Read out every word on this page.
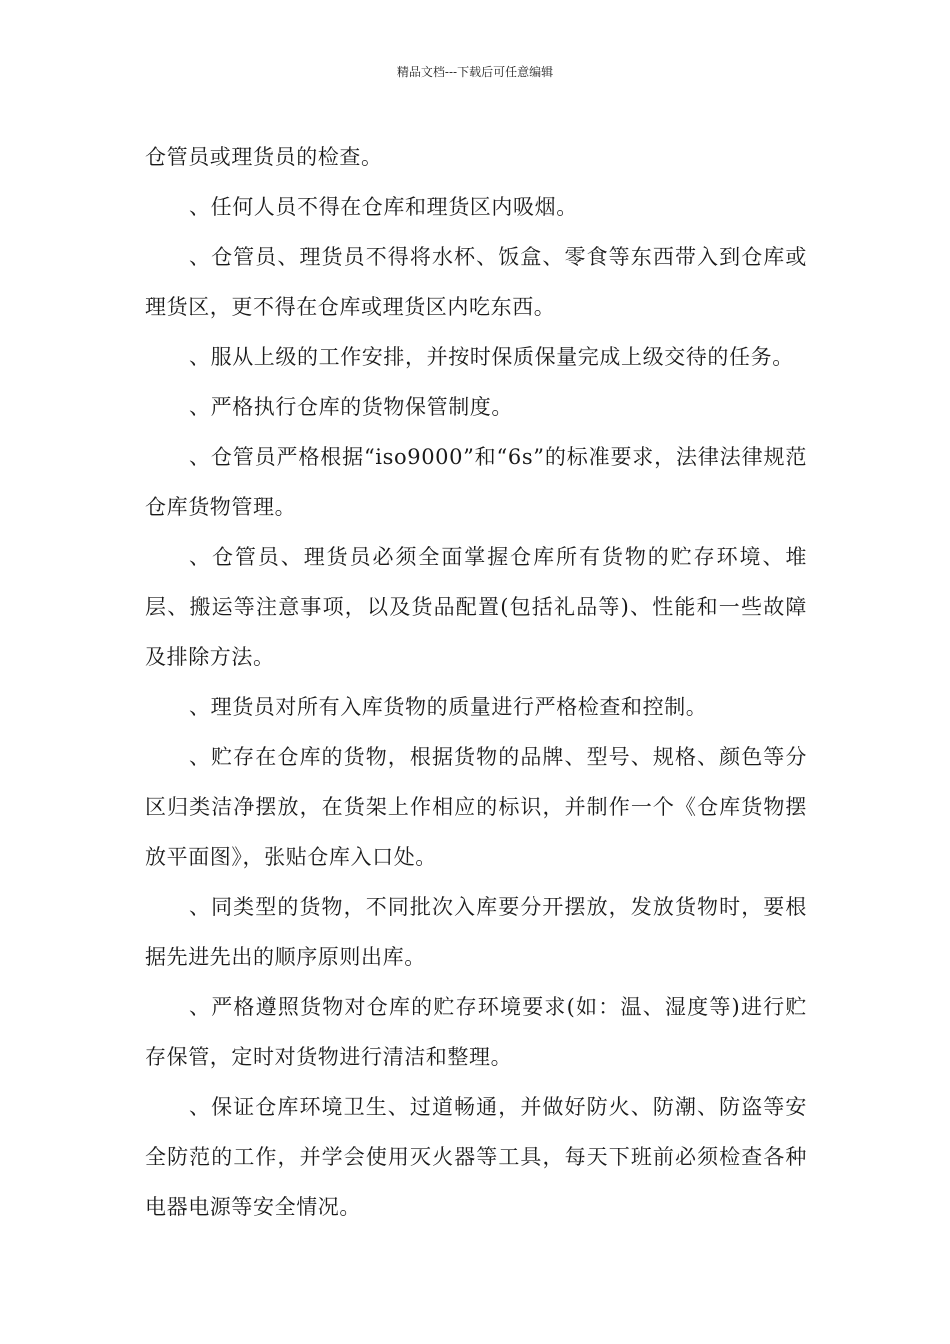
精品文档---下载后可任意编辑

仓管员或理货员的检查。

、任何人员不得在仓库和理货区内吸烟。

、仓管员、理货员不得将水杯、饭盒、零食等东西带入到仓库或理货区，更不得在仓库或理货区内吃东西。

、服从上级的工作安排，并按时保质保量完成上级交待的任务。

、严格执行仓库的货物保管制度。

、仓管员严格根据“iso9000”和“6s”的标准要求，法律法律规范仓库货物管理。

、仓管员、理货员必须全面掌握仓库所有货物的贮存环境、堆层、搬运等注意事项，以及货品配置(包括礼品等)、性能和一些故障及排除方法。

、理货员对所有入库货物的质量进行严格检查和控制。

、贮存在仓库的货物，根据货物的品牌、型号、规格、颜色等分区归类洁净摆放，在货架上作相应的标识，并制作一个《仓库货物摆放平面图》，张贴仓库入口处。

、同类型的货物，不同批次入库要分开摆放，发放货物时，要根据先进先出的顺序原则出库。

、严格遵照货物对仓库的贮存环境要求(如：温、湿度等)进行贮存保管，定时对货物进行清洁和整理。

、保证仓库环境卫生、过道畅通，并做好防火、防潮、防盗等安全防范的工作，并学会使用灭火器等工具，每天下班前必须检查各种电器电源等安全情况。
